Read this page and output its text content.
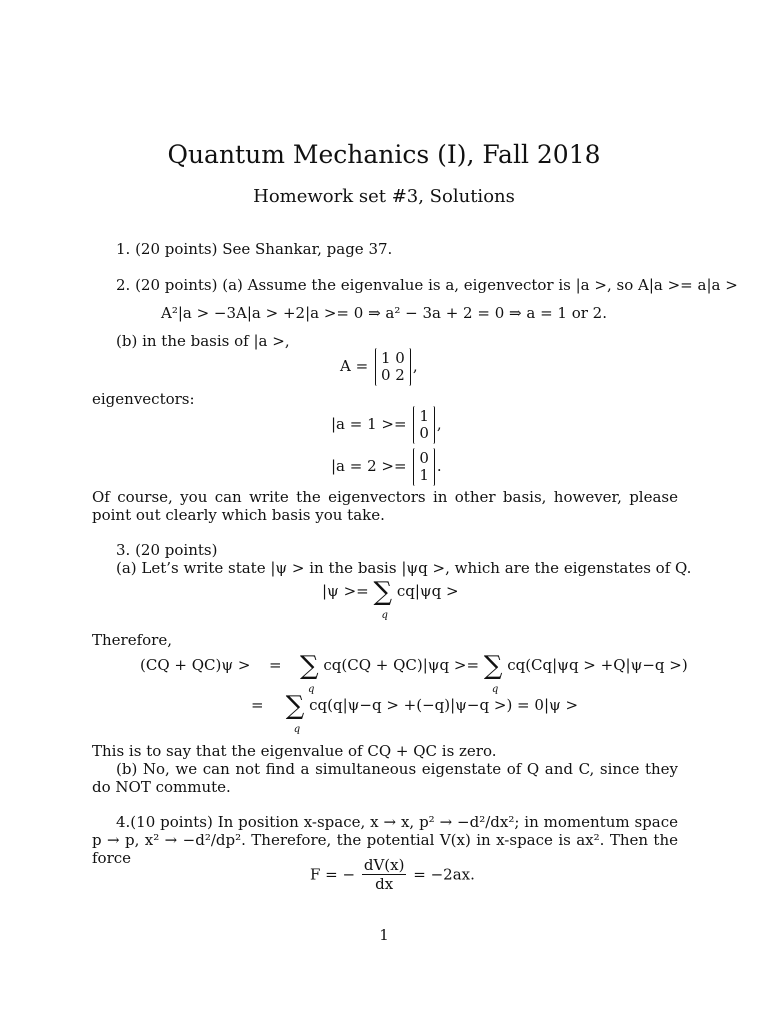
Quantum Mechanics (I), Fall 2018
Homework set #3, Solutions
1. (20 points) See Shankar, page 37.
2. (20 points) (a) Assume the eigenvalue is a, eigenvector is |a >, so A|a >= a|a >
A²|a > −3A|a > +2|a >= 0 ⇒ a² − 3a + 2 = 0 ⇒ a = 1 or 2.
(b) in the basis of |a >,
A = 1 0
0 2 ,
eigenvectors:
|a = 1 >= 1
0 ,
|a = 2 >= 0
1 .
Of course, you can write the eigenvectors in other basis, however, please point out clearly which basis you take.
3. (20 points)
(a) Let’s write state |ψ > in the basis |ψq >, which are the eigenstates of Q.
|ψ >= ∑
q
cq|ψq >
Therefore,
(CQ + QC)ψ > = ∑
q
cq(CQ + QC)|ψq >= ∑
q
cq(Cq|ψq > +Q|ψ−q >)
= ∑
q
cq(q|ψ−q > +(−q)|ψ−q >) = 0|ψ >
This is to say that the eigenvalue of CQ + QC is zero.
(b) No, we can not find a simultaneous eigenstate of Q and C, since they do NOT commute.
4.(10 points) In position x-space, x → x, p² → −d²/dx²; in momentum space p → p, x² → −d²/dp². Therefore, the potential V(x) in x-space is ax². Then the force
F = − $\frac{dV(x)}{dx} = -2ax$.
1
